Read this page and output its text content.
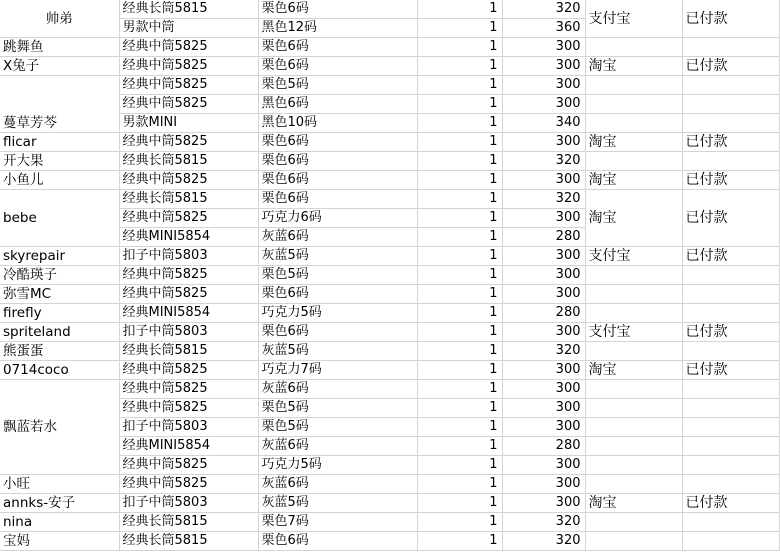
帅弟	经典长筒5815	栗色6码	1	320	支付宝	已付款
	男款中筒	黑色12码	1	360		
跳舞鱼	经典中筒5825	栗色6码	1	300		
X兔子	经典中筒5825	栗色6码	1	300	淘宝	已付款
蔓草芳芩	经典中筒5825	栗色5码	1	300		
	经典中筒5825	黑色6码	1	300		
	男款MINI	黑色10码	1	340		
flicar	经典中筒5825	栗色6码	1	300	淘宝	已付款
开大果	经典长筒5815	栗色6码	1	320		
小鱼儿	经典中筒5825	栗色6码	1	300	淘宝	已付款
bebe	经典长筒5815	栗色6码	1	320	淘宝	已付款
	经典中筒5825	巧克力6码	1	300		
	经典MINI5854	灰蓝6码	1	280		
skyrepair	扣子中筒5803	灰蓝5码	1	300	支付宝	已付款
冷酷瑛子	经典中筒5825	栗色5码	1	300		
弥雪MC	经典中筒5825	栗色6码	1	300		
firefly	经典MINI5854	巧克力5码	1	280		
spriteland	扣子中筒5803	栗色6码	1	300	支付宝	已付款
熊蛋蛋	经典长筒5815	灰蓝5码	1	320		
0714coco	经典中筒5825	巧克力7码	1	300	淘宝	已付款
飘蓝若水	经典中筒5825	灰蓝6码	1	300		
	经典中筒5825	栗色5码	1	300		
	扣子中筒5803	栗色5码	1	300		
	经典MINI5854	灰蓝6码	1	280		
	经典中筒5825	巧克力5码	1	300		
小旺	经典中筒5825	灰蓝6码	1	300		
annks-安子	扣子中筒5803	灰蓝5码	1	300	淘宝	已付款
nina	经典长筒5815	栗色7码	1	320		
宝妈	经典长筒5815	栗色6码	1	320		
